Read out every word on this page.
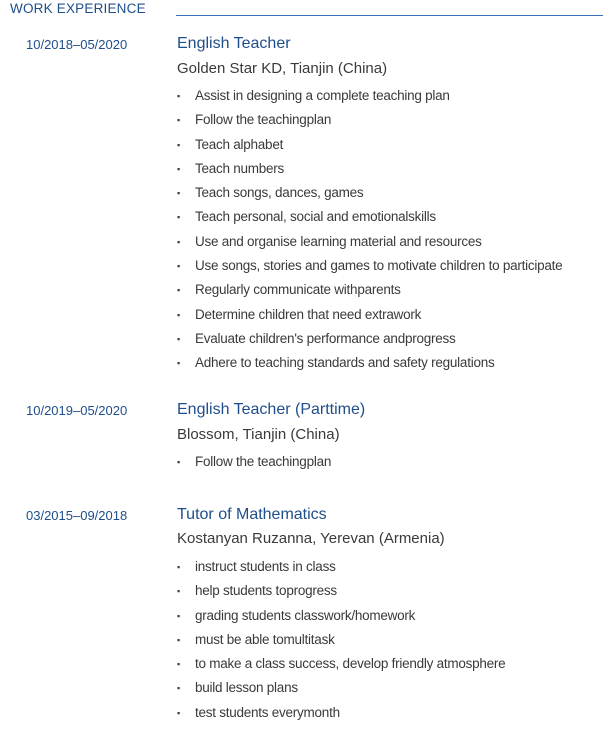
WORK EXPERIENCE
10/2018–05/2020	English Teacher
Golden Star KD, Tianjin (China)
▪ Assist in designing a complete teaching plan
▪ Follow the teachingplan
▪ Teach alphabet
▪ Teach numbers
▪ Teach songs, dances, games
▪ Teach personal, social and emotionalskills
▪ Use and organise learning material and resources
▪ Use songs, stories and games to motivate children to participate
▪ Regularly communicate withparents
▪ Determine children that need extrawork
▪ Evaluate children's performance andprogress
▪ Adhere to teaching standards and safety regulations
10/2019–05/2020	English Teacher (Parttime)
Blossom, Tianjin (China)
▪ Follow the teachingplan
03/2015–09/2018	Tutor of Mathematics
Kostanyan Ruzanna, Yerevan (Armenia)
▪ instruct students in class
▪ help students toprogress
▪ grading students classwork/homework
▪ must be able tomultitask
▪ to make a class success, develop friendly atmosphere
▪ build lesson plans
▪ test students everymonth
